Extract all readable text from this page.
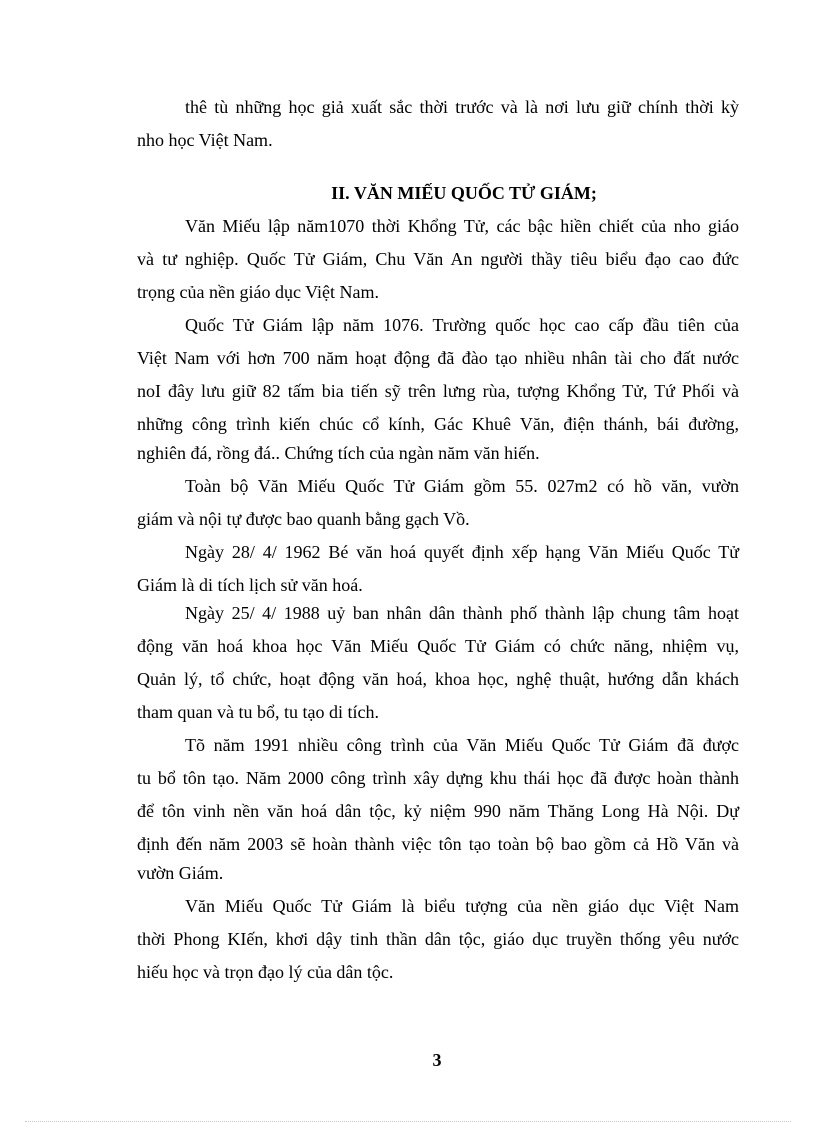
thê tù những học giả xuất sắc thời trước và là nơi lưu giữ chính thời kỳ
nho học Việt Nam.
II. VĂN MIẾU QUỐC TỬ GIÁM;
Văn Miếu lập năm1070 thời Khổng Tử, các bậc hiền chiết của nho giáo
và tư nghiệp. Quốc Tử Giám, Chu Văn An người thầy tiêu biểu đạo cao đức
trọng của nền giáo dục Việt Nam.
Quốc Tử Giám lập năm 1076. Trường quốc học cao cấp đầu tiên của
Việt Nam với hơn 700 năm hoạt động đã đào tạo nhiều nhân tài cho đất nước
noI đây lưu giữ 82 tấm bia tiến sỹ trên lưng rùa, tượng Khổng Tử, Tứ Phối và
những công trình kiến chúc cổ kính, Gác Khuê Văn, điện thánh, bái đường,
nghiên đá, rồng đá.. Chứng tích của ngàn năm văn hiến.
Toàn bộ Văn Miếu Quốc Tử Giám gồm 55. 027m2 có hồ văn, vườn
giám và nội tự được bao quanh bằng gạch Vồ.
Ngày 28/ 4/ 1962 Bé văn hoá quyết định xếp hạng Văn Miếu Quốc Tử
Giám là di tích lịch sử văn hoá.
Ngày 25/ 4/ 1988 uỷ ban nhân dân thành phố thành lập chung tâm hoạt
động văn hoá khoa học Văn Miếu Quốc Tử Giám có chức năng, nhiệm vụ,
Quản lý, tổ chức, hoạt động văn hoá, khoa học, nghệ thuật, hướng dẫn khách
tham quan và tu bổ, tu tạo di tích.
Tõ năm 1991 nhiều công trình của Văn Miếu Quốc Tử Giám đã được
tu bổ tôn tạo. Năm 2000 công trình xây dựng khu thái học đã được hoàn thành
để tôn vinh nền văn hoá dân tộc, kỷ niệm 990 năm Thăng Long Hà Nội. Dự
định đến năm 2003 sẽ hoàn thành việc tôn tạo toàn bộ bao gồm cả Hồ Văn và
vườn Giám.
Văn Miếu Quốc Tử Giám là biểu tượng của nền giáo dục Việt Nam
thời Phong KIến, khơi dậy tinh thần dân tộc, giáo dục truyền thống yêu nước
hiếu học và trọn đạo lý của dân tộc.
3
